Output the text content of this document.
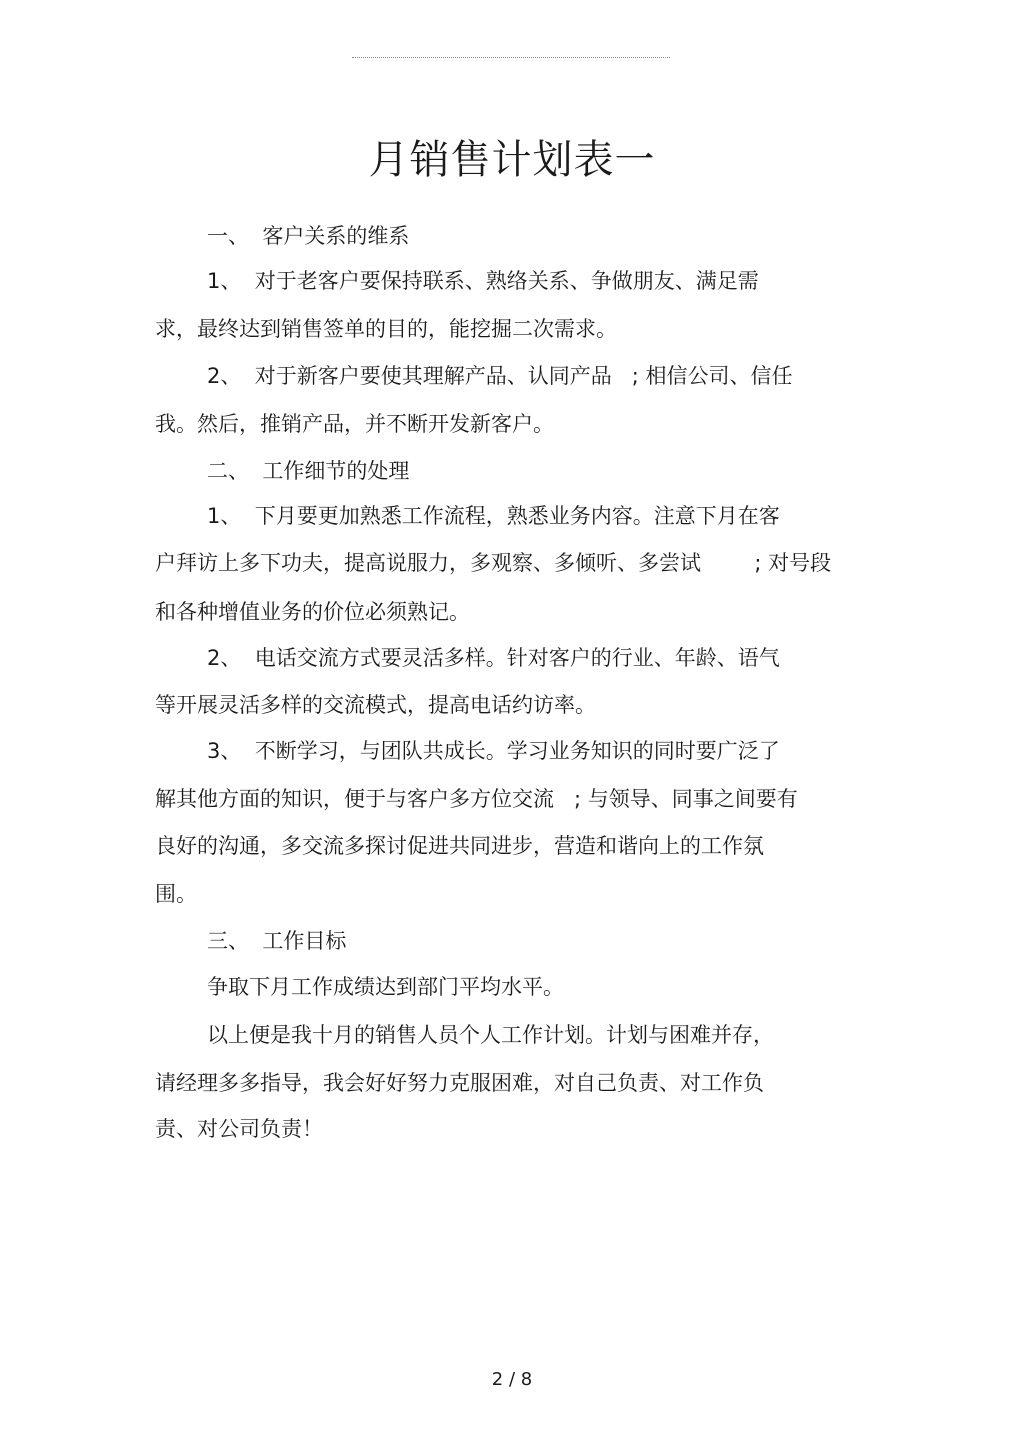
月销售计划表一

一、  客户关系的维系

1、  对于老客户要保持联系、熟络关系、争做朋友、满足需

求，最终达到销售签单的目的，能挖掘二次需求。

2、  对于新客户要使其理解产品、认同产品   ; 相信公司、信任

我。然后，推销产品，并不断开发新客户。

二、  工作细节的处理

1、  下月要更加熟悉工作流程，熟悉业务内容。注意下月在客

户拜访上多下功夫，提高说服力，多观察、多倾听、多尝试        ; 对号段

和各种增值业务的价位必须熟记。

2、  电话交流方式要灵活多样。针对客户的行业、年龄、语气

等开展灵活多样的交流模式，提高电话约访率。

3、  不断学习，与团队共成长。学习业务知识的同时要广泛了

解其他方面的知识，便于与客户多方位交流   ; 与领导、同事之间要有

良好的沟通，多交流多探讨促进共同进步，营造和谐向上的工作氛

围。

三、  工作目标

争取下月工作成绩达到部门平均水平。

以上便是我十月的销售人员个人工作计划。计划与困难并存，

请经理多多指导，我会好好努力克服困难，对自己负责、对工作负

责、对公司负责！

2 / 8
